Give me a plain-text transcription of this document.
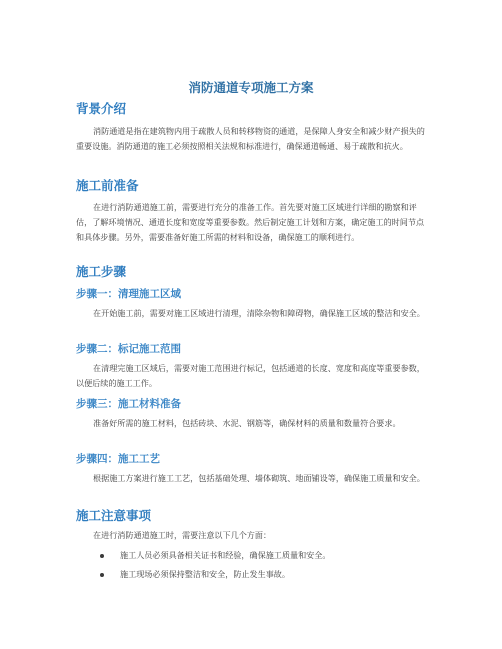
消防通道专项施工方案
背景介绍
消防通道是指在建筑物内用于疏散人员和转移物资的通道，是保障人身安全和减少财产损失的重要设施。消防通道的施工必须按照相关法规和标准进行，确保通道畅通、易于疏散和抗火。
施工前准备
在进行消防通道施工前，需要进行充分的准备工作。首先要对施工区域进行详细的勘察和评估，了解环境情况、通道长度和宽度等重要参数。然后制定施工计划和方案，确定施工的时间节点和具体步骤。另外，需要准备好施工所需的材料和设备，确保施工的顺利进行。
施工步骤
步骤一：清理施工区域
在开始施工前，需要对施工区域进行清理，清除杂物和障碍物，确保施工区域的整洁和安全。
步骤二：标记施工范围
在清理完施工区域后，需要对施工范围进行标记，包括通道的长度、宽度和高度等重要参数，以便后续的施工工作。
步骤三：施工材料准备
准备好所需的施工材料，包括砖块、水泥、钢筋等，确保材料的质量和数量符合要求。
步骤四：施工工艺
根据施工方案进行施工工艺，包括基础处理、墙体砌筑、地面铺设等，确保施工质量和安全。
施工注意事项
在进行消防通道施工时，需要注意以下几个方面：
施工人员必须具备相关证书和经验，确保施工质量和安全。
施工现场必须保持整洁和安全，防止发生事故。
